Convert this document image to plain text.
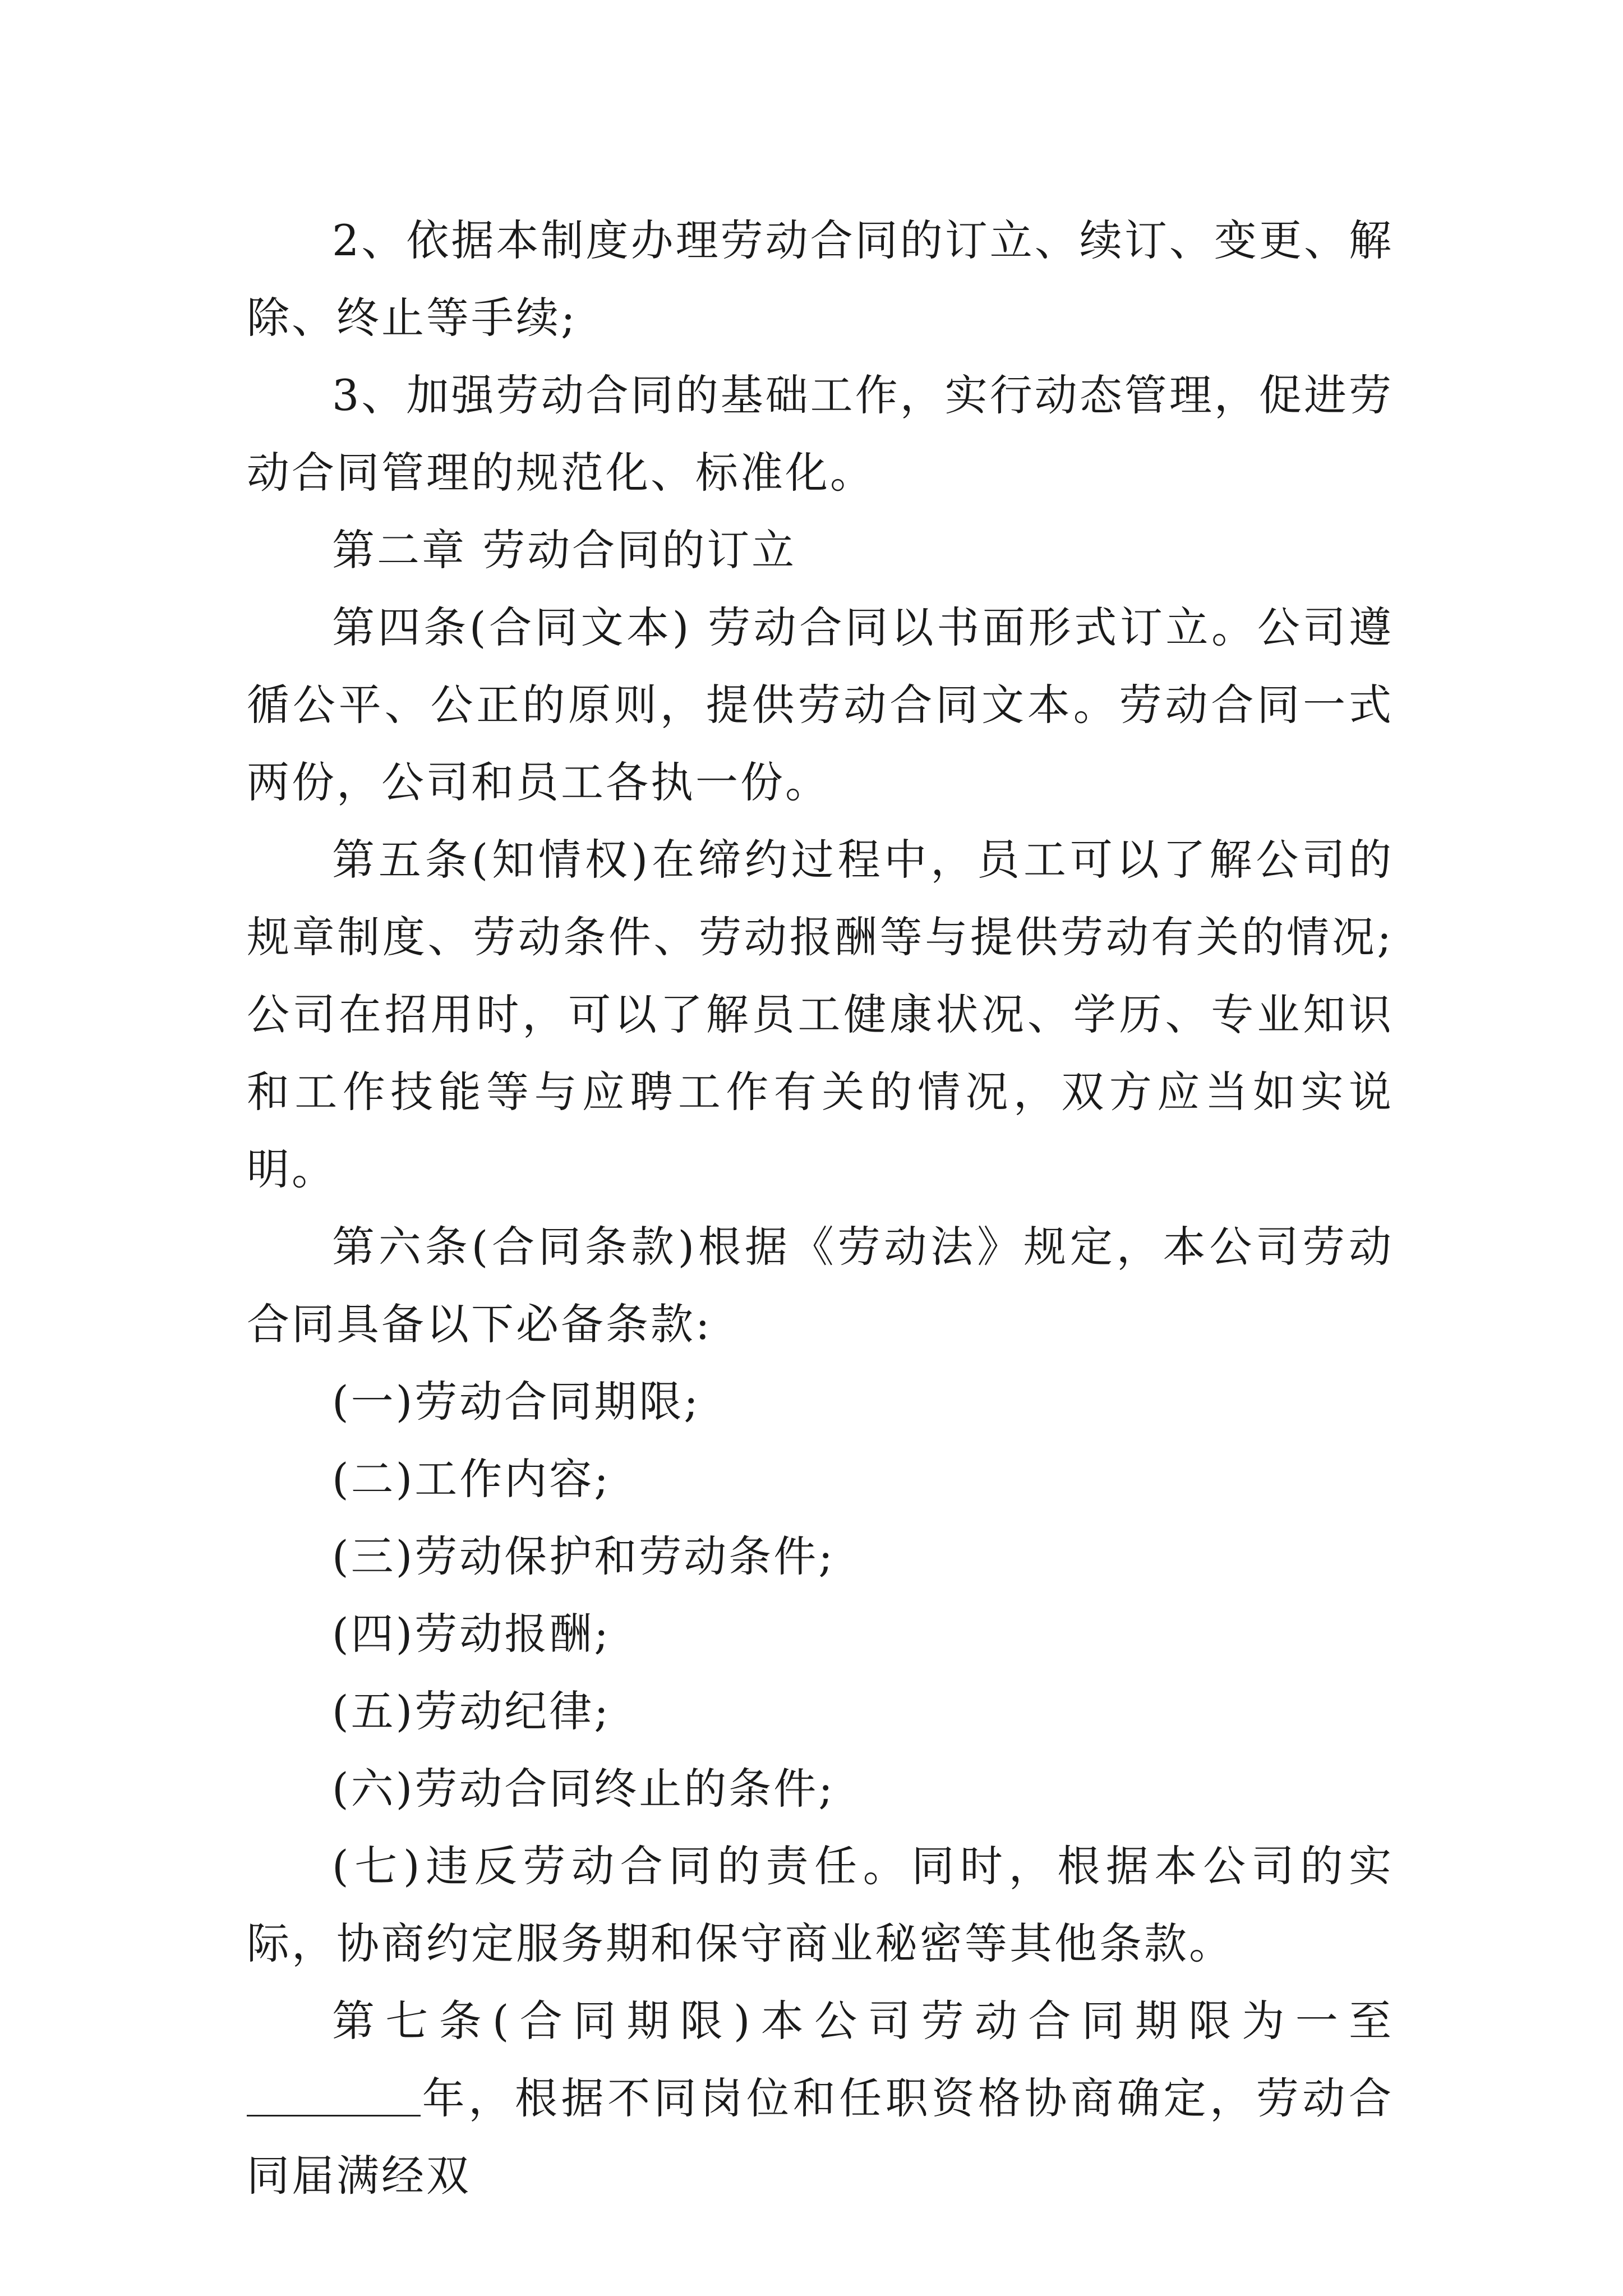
2、依据本制度办理劳动合同的订立、续订、变更、解除、终止等手续;

3、加强劳动合同的基础工作，实行动态管理，促进劳动合同管理的规范化、标准化。

第二章 劳动合同的订立

第四条(合同文本) 劳动合同以书面形式订立。公司遵循公平、公正的原则，提供劳动合同文本。劳动合同一式两份，公司和员工各执一份。

第五条(知情权)在缔约过程中，员工可以了解公司的规章制度、劳动条件、劳动报酬等与提供劳动有关的情况;公司在招用时，可以了解员工健康状况、学历、专业知识和工作技能等与应聘工作有关的情况，双方应当如实说明。

第六条(合同条款)根据《劳动法》规定，本公司劳动合同具备以下必备条款:

(一)劳动合同期限;

(二)工作内容;

(三)劳动保护和劳动条件;

(四)劳动报酬;

(五)劳动纪律;

(六)劳动合同终止的条件;

(七)违反劳动合同的责任。同时，根据本公司的实际，协商约定服务期和保守商业秘密等其他条款。

第七条(合同期限)本公司劳动合同期限为一至年，根据不同岗位和任职资格协商确定，劳动合同届满经双
